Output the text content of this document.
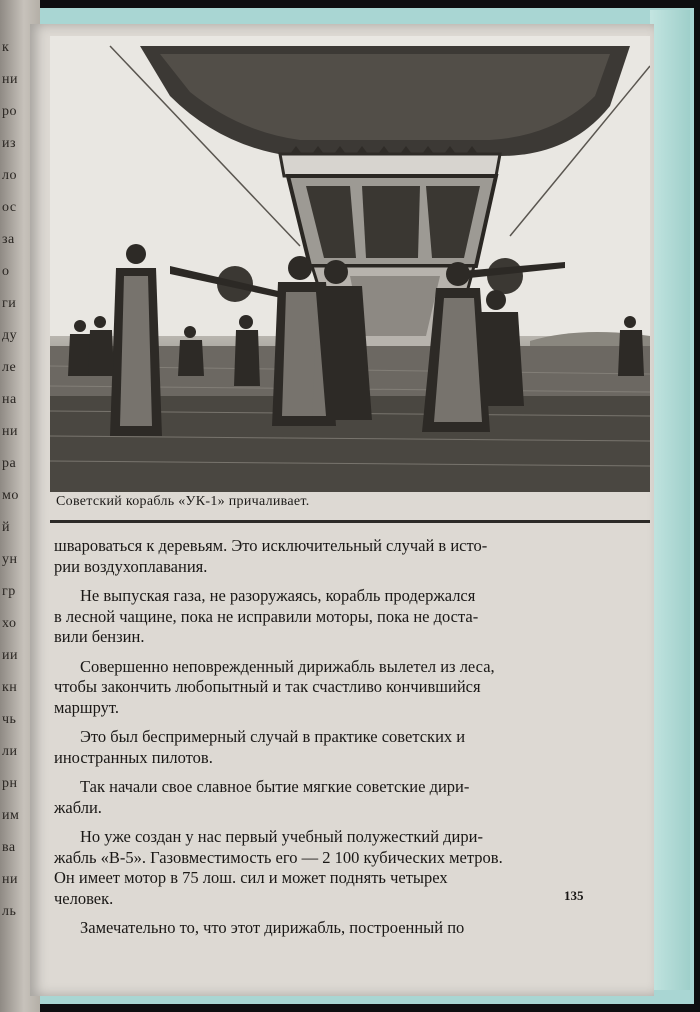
к
ни
ро
из
ло
ос
за
о
ги
ду
ле
на
ни
ра
мо
й
ун
гр
хо
ии
кн
чь
ли
рн
им
ва
ни
ль
Советский корабль «УК-1» причаливает.

швароваться к деревьям. Это исключительный случай в исто-
рии воздухоплавания.

Не выпуская газа, не разоружаясь, корабль продержался
в лесной чащине, пока не исправили моторы, пока не доста-
вили бензин.

Совершенно неповрежденный дирижабль вылетел из леса,
чтобы закончить любопытный и так счастливо кончившийся
маршрут.

Это был беспримерный случай в практике советских и
иностранных пилотов.

Так начали свое славное бытие мягкие советские дири-
жабли.

Но уже создан у нас первый учебный полужесткий дири-
жабль «В-5». Газовместимость его — 2 100 кубических метров.
Он имеет мотор в 75 лош. сил и может поднять четырех
человек.

Замечательно то, что этот дирижабль, построенный по

135
